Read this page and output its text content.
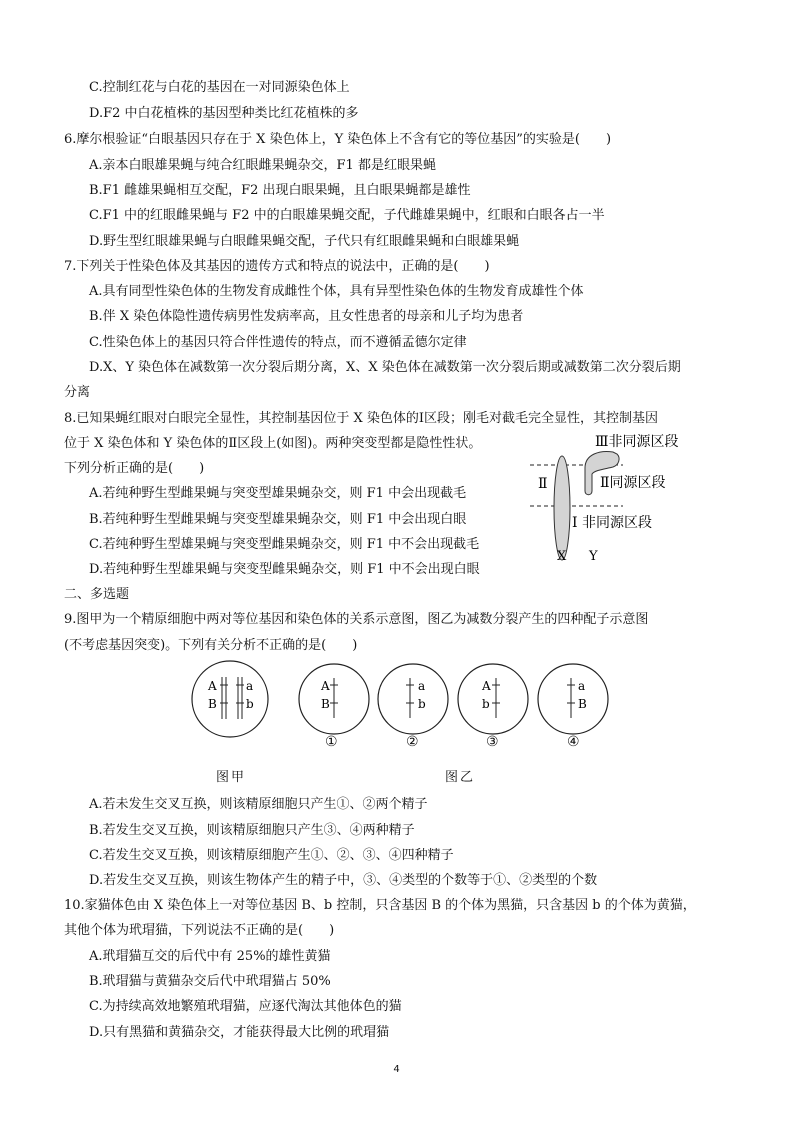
C.控制红花与白花的基因在一对同源染色体上
D.F2 中白花植株的基因型种类比红花植株的多
6.摩尔根验证“白眼基因只存在于 X 染色体上，Y 染色体上不含有它的等位基因”的实验是(　　)
A.亲本白眼雄果蝇与纯合红眼雌果蝇杂交，F1 都是红眼果蝇
B.F1 雌雄果蝇相互交配，F2 出现白眼果蝇，且白眼果蝇都是雄性
C.F1 中的红眼雌果蝇与 F2 中的白眼雄果蝇交配，子代雌雄果蝇中，红眼和白眼各占一半
D.野生型红眼雄果蝇与白眼雌果蝇交配，子代只有红眼雌果蝇和白眼雄果蝇
7.下列关于性染色体及其基因的遗传方式和特点的说法中，正确的是(　　)
A.具有同型性染色体的生物发育成雌性个体，具有异型性染色体的生物发育成雄性个体
B.伴 X 染色体隐性遗传病男性发病率高，且女性患者的母亲和儿子均为患者
C.性染色体上的基因只符合伴性遗传的特点，而不遵循孟德尔定律
D.X、Y 染色体在减数第一次分裂后期分离，X、X 染色体在减数第一次分裂后期或减数第二次分裂后期
分离
8.已知果蝇红眼对白眼完全显性，其控制基因位于 X 染色体的Ⅰ区段；刚毛对截毛完全显性，其控制基因
位于 X 染色体和 Y 染色体的Ⅱ区段上(如图)。两种突变型都是隐性性状。
下列分析正确的是(　　)
A.若纯种野生型雌果蝇与突变型雄果蝇杂交，则 F1 中会出现截毛
B.若纯种野生型雌果蝇与突变型雄果蝇杂交，则 F1 中会出现白眼
C.若纯种野生型雄果蝇与突变型雌果蝇杂交，则 F1 中不会出现截毛
D.若纯种野生型雄果蝇与突变型雌果蝇杂交，则 F1 中不会出现白眼
Ⅲ非同源区段
Ⅱ同源区段
Ⅱ
Ⅰ 非同源区段
X Y
二、多选题
9.图甲为一个精原细胞中两对等位基因和染色体的关系示意图，图乙为减数分裂产生的四种配子示意图
(不考虑基因突变)。下列有关分析不正确的是(　　)
A
B
a
b
A
B
a
b
A
b
a
B
①	②	③	④
图甲	图乙
A.若未发生交叉互换，则该精原细胞只产生①、②两个精子
B.若发生交叉互换，则该精原细胞只产生③、④两种精子
C.若发生交叉互换，则该精原细胞产生①、②、③、④四种精子
D.若发生交叉互换，则该生物体产生的精子中，③、④类型的个数等于①、②类型的个数
10.家猫体色由 X 染色体上一对等位基因 B、b 控制，只含基因 B 的个体为黑猫，只含基因 b 的个体为黄猫，
其他个体为玳瑁猫，下列说法不正确的是(　　)
A.玳瑁猫互交的后代中有 25%的雄性黄猫
B.玳瑁猫与黄猫杂交后代中玳瑁猫占 50%
C.为持续高效地繁殖玳瑁猫，应逐代淘汰其他体色的猫
D.只有黑猫和黄猫杂交，才能获得最大比例的玳瑁猫
4
